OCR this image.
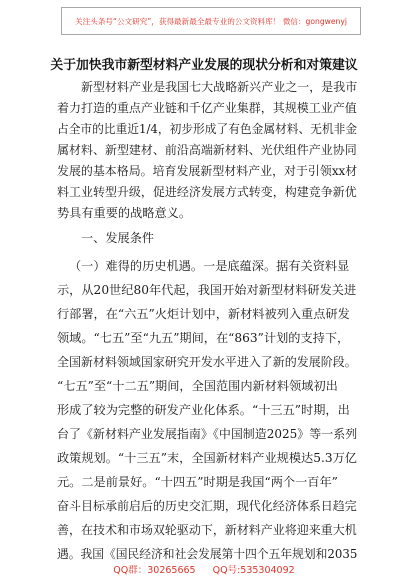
关注头条号“公文研究”，获得最新最全最专业的公文资料库！ 微信：gongwenyj
关于加快我市新型材料产业发展的现状分析和对策建议
新型材料产业是我国七大战略新兴产业之一，是我市
着力打造的重点产业链和千亿产业集群，其规模工业产值
占全市的比重近1/4，初步形成了有色金属材料、无机非金
属材料、新型建材、前沿高端新材料、光伏组件产业协同
发展的基本格局。培育发展新型材料产业，对于引领xx材
料工业转型升级，促进经济发展方式转变，构建竞争新优
势具有重要的战略意义。
一、发展条件
（一）难得的历史机遇。一是底蕴深。据有关资料显
示，从20世纪80年代起，我国开始对新型材料研发关进
行部署，在“六五”火炬计划中，新材料被列入重点研发
领域。“七五”至“九五”期间，在“863”计划的支持下，
全国新材料领域国家研究开发水平进入了新的发展阶段。
“七五”至“十二五”期间，全国范围内新材料领域初出
形成了较为完整的研发产业化体系。“十三五”时期，出
台了《新材料产业发展指南》《中国制造2025》等一系列
政策规划。“十三五”末，全国新材料产业规模达5.3万亿
元。二是前景好。“十四五”时期是我国“两个一百年”
奋斗目标承前启后的历史交汇期，现代化经济体系日趋完
善，在技术和市场双轮驱动下，新材料产业将迎来重大机
遇。我国《国民经济和社会发展第十四个五年规划和2035
QQ群：30265665 QQ号:535304092
